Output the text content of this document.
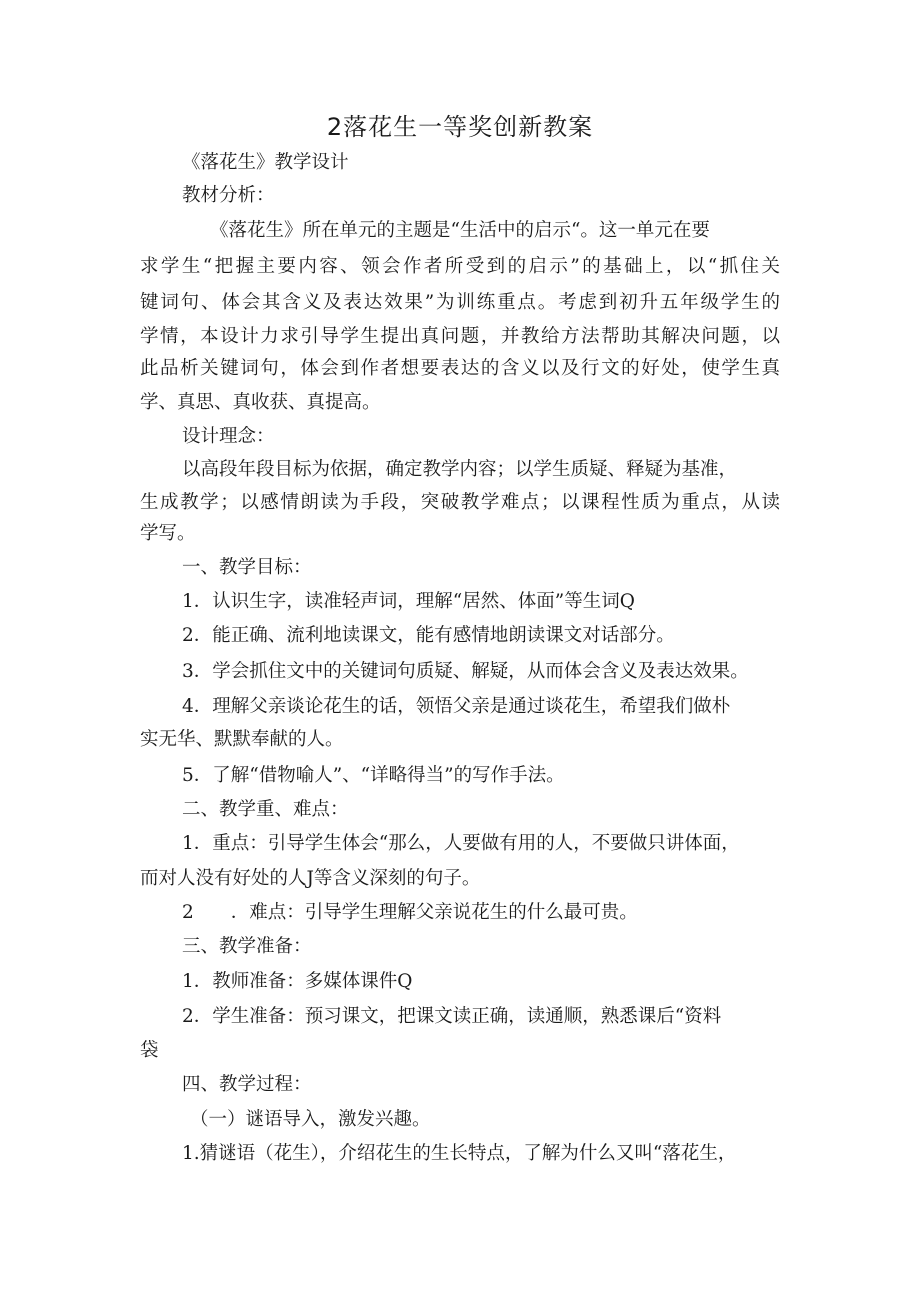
2落花生一等奖创新教案
《落花生》教学设计
教材分析：
《落花生》所在单元的主题是“生活中的启示“。这一单元在要
求学生“把握主要内容、领会作者所受到的启示”的基础上，以“抓住关
键词句、体会其含义及表达效果”为训练重点。考虑到初升五年级学生的
学情，本设计力求引导学生提出真问题，并教给方法帮助其解决问题，以
此品析关键词句，体会到作者想要表达的含义以及行文的好处，使学生真
学、真思、真收获、真提高。
设计理念：
以高段年段目标为依据，确定教学内容；以学生质疑、释疑为基准，
生成教学；以感情朗读为手段，突破教学难点；以课程性质为重点，从读
学写。
一、教学目标：
1．认识生字，读准轻声词，理解“居然、体面”等生词Q
2．能正确、流利地读课文，能有感情地朗读课文对话部分。
3．学会抓住文中的关键词句质疑、解疑，从而体会含义及表达效果。
4．理解父亲谈论花生的话，领悟父亲是通过谈花生，希望我们做朴
实无华、默默奉献的人。
5．了解“借物喻人”、“详略得当”的写作手法。
二、教学重、难点：
1．重点：引导学生体会“那么，人要做有用的人，不要做只讲体面，
而对人没有好处的人J等含义深刻的句子。
2　　．难点：引导学生理解父亲说花生的什么最可贵。
三、教学准备：
1．教师准备：多媒体课件Q
2．学生准备：预习课文，把课文读正确，读通顺，熟悉课后“资料
袋
四、教学过程：
（一）谜语导入，激发兴趣。
1.猜谜语（花生），介绍花生的生长特点，了解为什么又叫“落花生，
